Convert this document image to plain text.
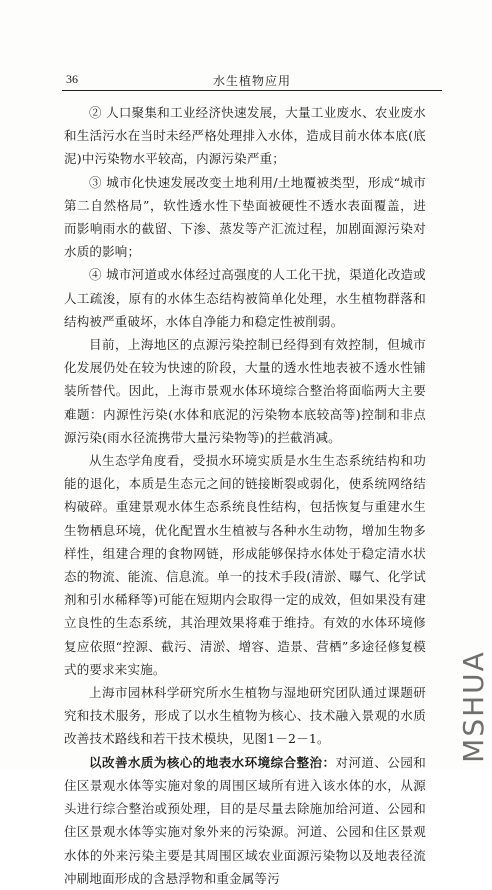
36	水生植物应用

② 人口聚集和工业经济快速发展，大量工业废水、农业废水和生活污水在当时未经严格处理排入水体，造成目前水体本底(底泥)中污染物水平较高，内源污染严重；

③ 城市化快速发展改变土地利用/土地覆被类型，形成“城市第二自然格局”，软性透水性下垫面被硬性不透水表面覆盖，进而影响雨水的截留、下渗、蒸发等产汇流过程，加剧面源污染对水质的影响；

④ 城市河道或水体经过高强度的人工化干扰，渠道化改造或人工疏浚，原有的水体生态结构被简单化处理，水生植物群落和结构被严重破坏，水体自净能力和稳定性被削弱。

目前，上海地区的点源污染控制已经得到有效控制，但城市化发展仍处在较为快速的阶段，大量的透水性地表被不透水性铺装所替代。因此，上海市景观水体环境综合整治将面临两大主要难题：内源性污染(水体和底泥的污染物本底较高等)控制和非点源污染(雨水径流携带大量污染物等)的拦截消减。

从生态学角度看，受损水环境实质是水生生态系统结构和功能的退化，本质是生态元之间的链接断裂或弱化，使系统网络结构破碎。重建景观水体生态系统良性结构，包括恢复与重建水生生物栖息环境，优化配置水生植被与各种水生动物，增加生物多样性，组建合理的食物网链，形成能够保持水体处于稳定清水状态的物流、能流、信息流。单一的技术手段(清淤、曝气、化学试剂和引水稀释等)可能在短期内会取得一定的成效，但如果没有建立良性的生态系统，其治理效果将难于维持。有效的水体环境修复应依照“控源、截污、清淤、增容、造景、营栖”多途径修复模式的要求来实施。

上海市园林科学研究所水生植物与湿地研究团队通过课题研究和技术服务，形成了以水生植物为核心、技术融入景观的水质改善技术路线和若干技术模块，见图1－2－1。

以改善水质为核心的地表水环境综合整治：对河道、公园和住区景观水体等实施对象的周围区域所有进入该水体的水，从源头进行综合整治或预处理，目的是尽量去除施加给河道、公园和住区景观水体等实施对象外来的污染源。河道、公园和住区景观水体的外来污染主要是其周围区域农业面源污染物以及地表径流冲刷地面形成的含悬浮物和重金属等污

MSHUA
